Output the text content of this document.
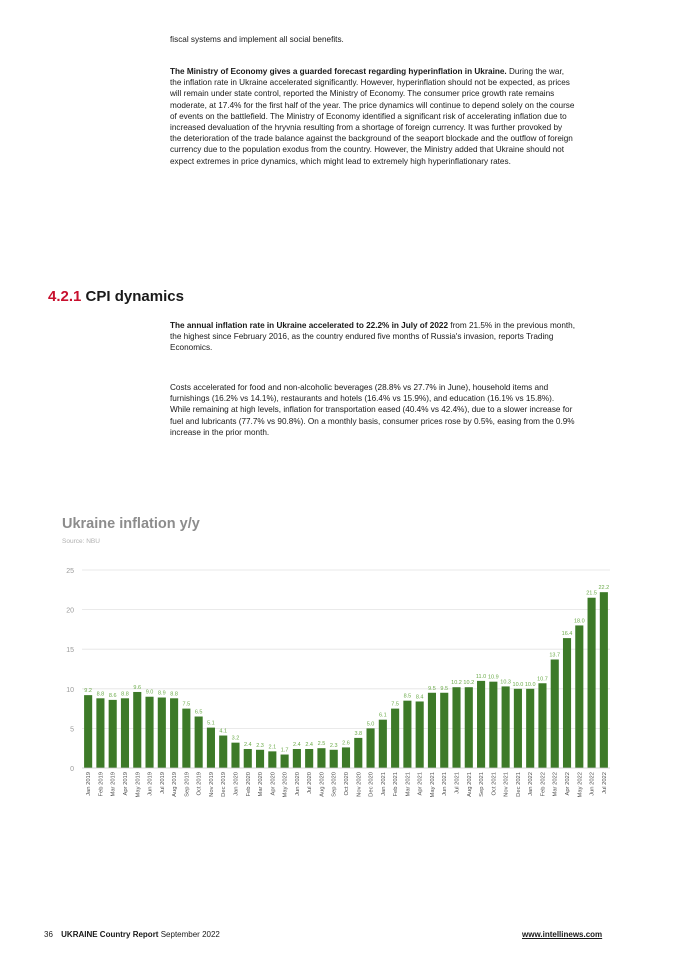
fiscal systems and implement all social benefits.

The Ministry of Economy gives a guarded forecast regarding hyperinflation in Ukraine. During the war, the inflation rate in Ukraine accelerated significantly. However, hyperinflation should not be expected, as prices will remain under state control, reported the Ministry of Economy. The consumer price growth rate remains moderate, at 17.4% for the first half of the year. The price dynamics will continue to depend solely on the course of events on the battlefield. The Ministry of Economy identified a significant risk of accelerating inflation due to increased devaluation of the hryvnia resulting from a shortage of foreign currency. It was further provoked by the deterioration of the trade balance against the background of the seaport blockade and the outflow of foreign currency due to the population exodus from the country. However, the Ministry added that Ukraine should not expect extremes in price dynamics, which might lead to extremely high hyperinflationary rates.

4.2.1 CPI dynamics

The annual inflation rate in Ukraine accelerated to 22.2% in July of 2022 from 21.5% in the previous month, the highest since February 2016, as the country endured five months of Russia's invasion, reports Trading Economics.

Costs accelerated for food and non-alcoholic beverages (28.8% vs 27.7% in June), household items and furnishings (16.2% vs 14.1%), restaurants and hotels (16.4% vs 15.9%), and education (16.1% vs 15.8%). While remaining at high levels, inflation for transportation eased (40.4% vs 42.4%), due to a slower increase for fuel and lubricants (77.7% vs 90.8%). On a monthly basis, consumer prices rose by 0.5%, easing from the 0.9% increase in the prior month.

Ukraine inflation y/y
Source: NBU
0
5
10
15
20
25
9.2
Jan 2019
8.8
Feb 2019
8.6
Mar 2019
8.8
Apr 2019
9.6
May 2019
9.0
Jun 2019
8.9
Jul 2019
8.8
Aug 2019
7.5
Sep 2019
6.5
Oct 2019
5.1
Nov 2019
4.1
Dec 2019
3.2
Jan 2020
2.4
Feb 2020
2.3
Mar 2020
2.1
Apr 2020
1.7
May 2020
2.4
Jun 2020
2.4
Jul 2020
2.5
Aug 2020
2.3
Sep 2020
2.6
Oct 2020
3.8
Nov 2020
5.0
Dec 2020
6.1
Jan 2021
7.5
Feb 2021
8.5
Mar 2021
8.4
Apr 2021
9.5
May 2021
9.5
Jun 2021
10.2
Jul 2021
10.2
Aug 2021
11.0
Sep 2021
10.9
Oct 2021
10.3
Nov 2021
10.0
Dec 2021
10.0
Jan 2022
10.7
Feb 2022
13.7
Mar 2022
16.4
Apr 2022
18.0
May 2022
21.5
Jun 2022
22.2
Jul 2022
36 UKRAINE Country Report September 2022	www.intellinews.com
